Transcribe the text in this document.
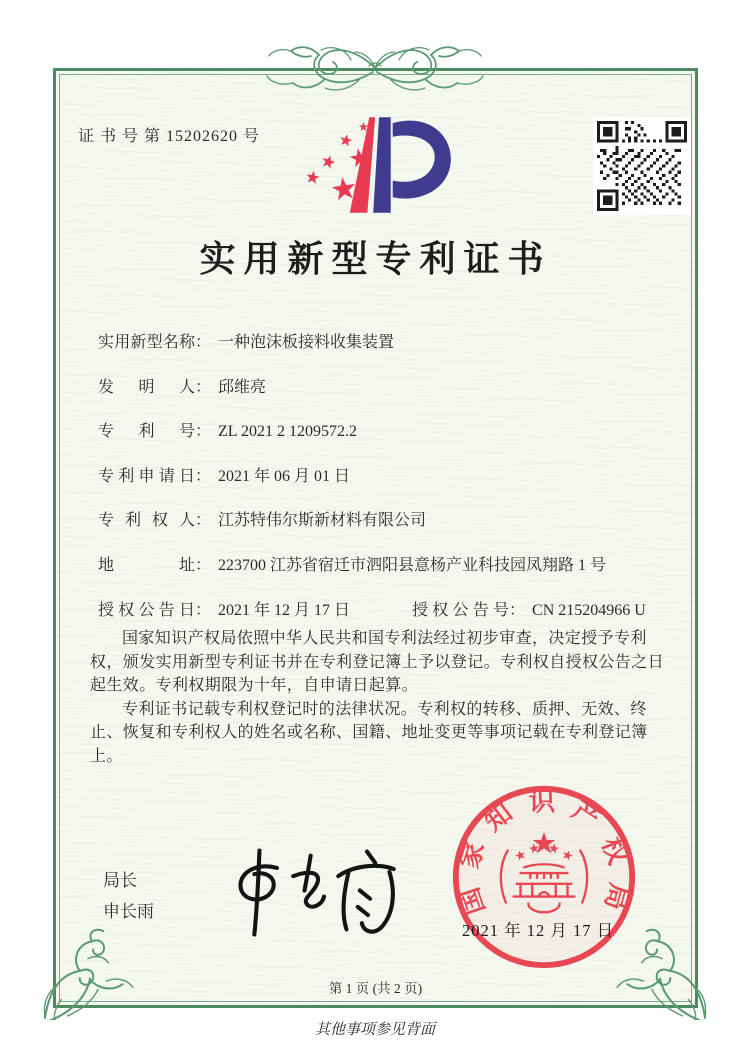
证 书 号 第 15202620 号
实用新型专利证书
实用新型名称： 一种泡沫板接料收集装置
发明人： 邱维亮
专利号： ZL 2021 2 1209572.2
专利申请日： 2021 年 06 月 01 日
专利权人： 江苏特伟尔斯新材料有限公司
地址： 223700 江苏省宿迁市泗阳县意杨产业科技园凤翔路 1 号
授权公告日： 2021 年 12 月 17 日	授权公告号： CN 215204966 U

国家知识产权局依照中华人民共和国专利法经过初步审查，决定授予专利权，颁发实用新型专利证书并在专利登记簿上予以登记。专利权自授权公告之日起生效。专利权期限为十年，自申请日起算。

专利证书记载专利权登记时的法律状况。专利权的转移、质押、无效、终止、恢复和专利权人的姓名或名称、国籍、地址变更等事项记载在专利登记簿上。

局长
申长雨	国家知识产权局
2021 年 12 月 17 日
第 1 页 (共 2 页)
其他事项参见背面
